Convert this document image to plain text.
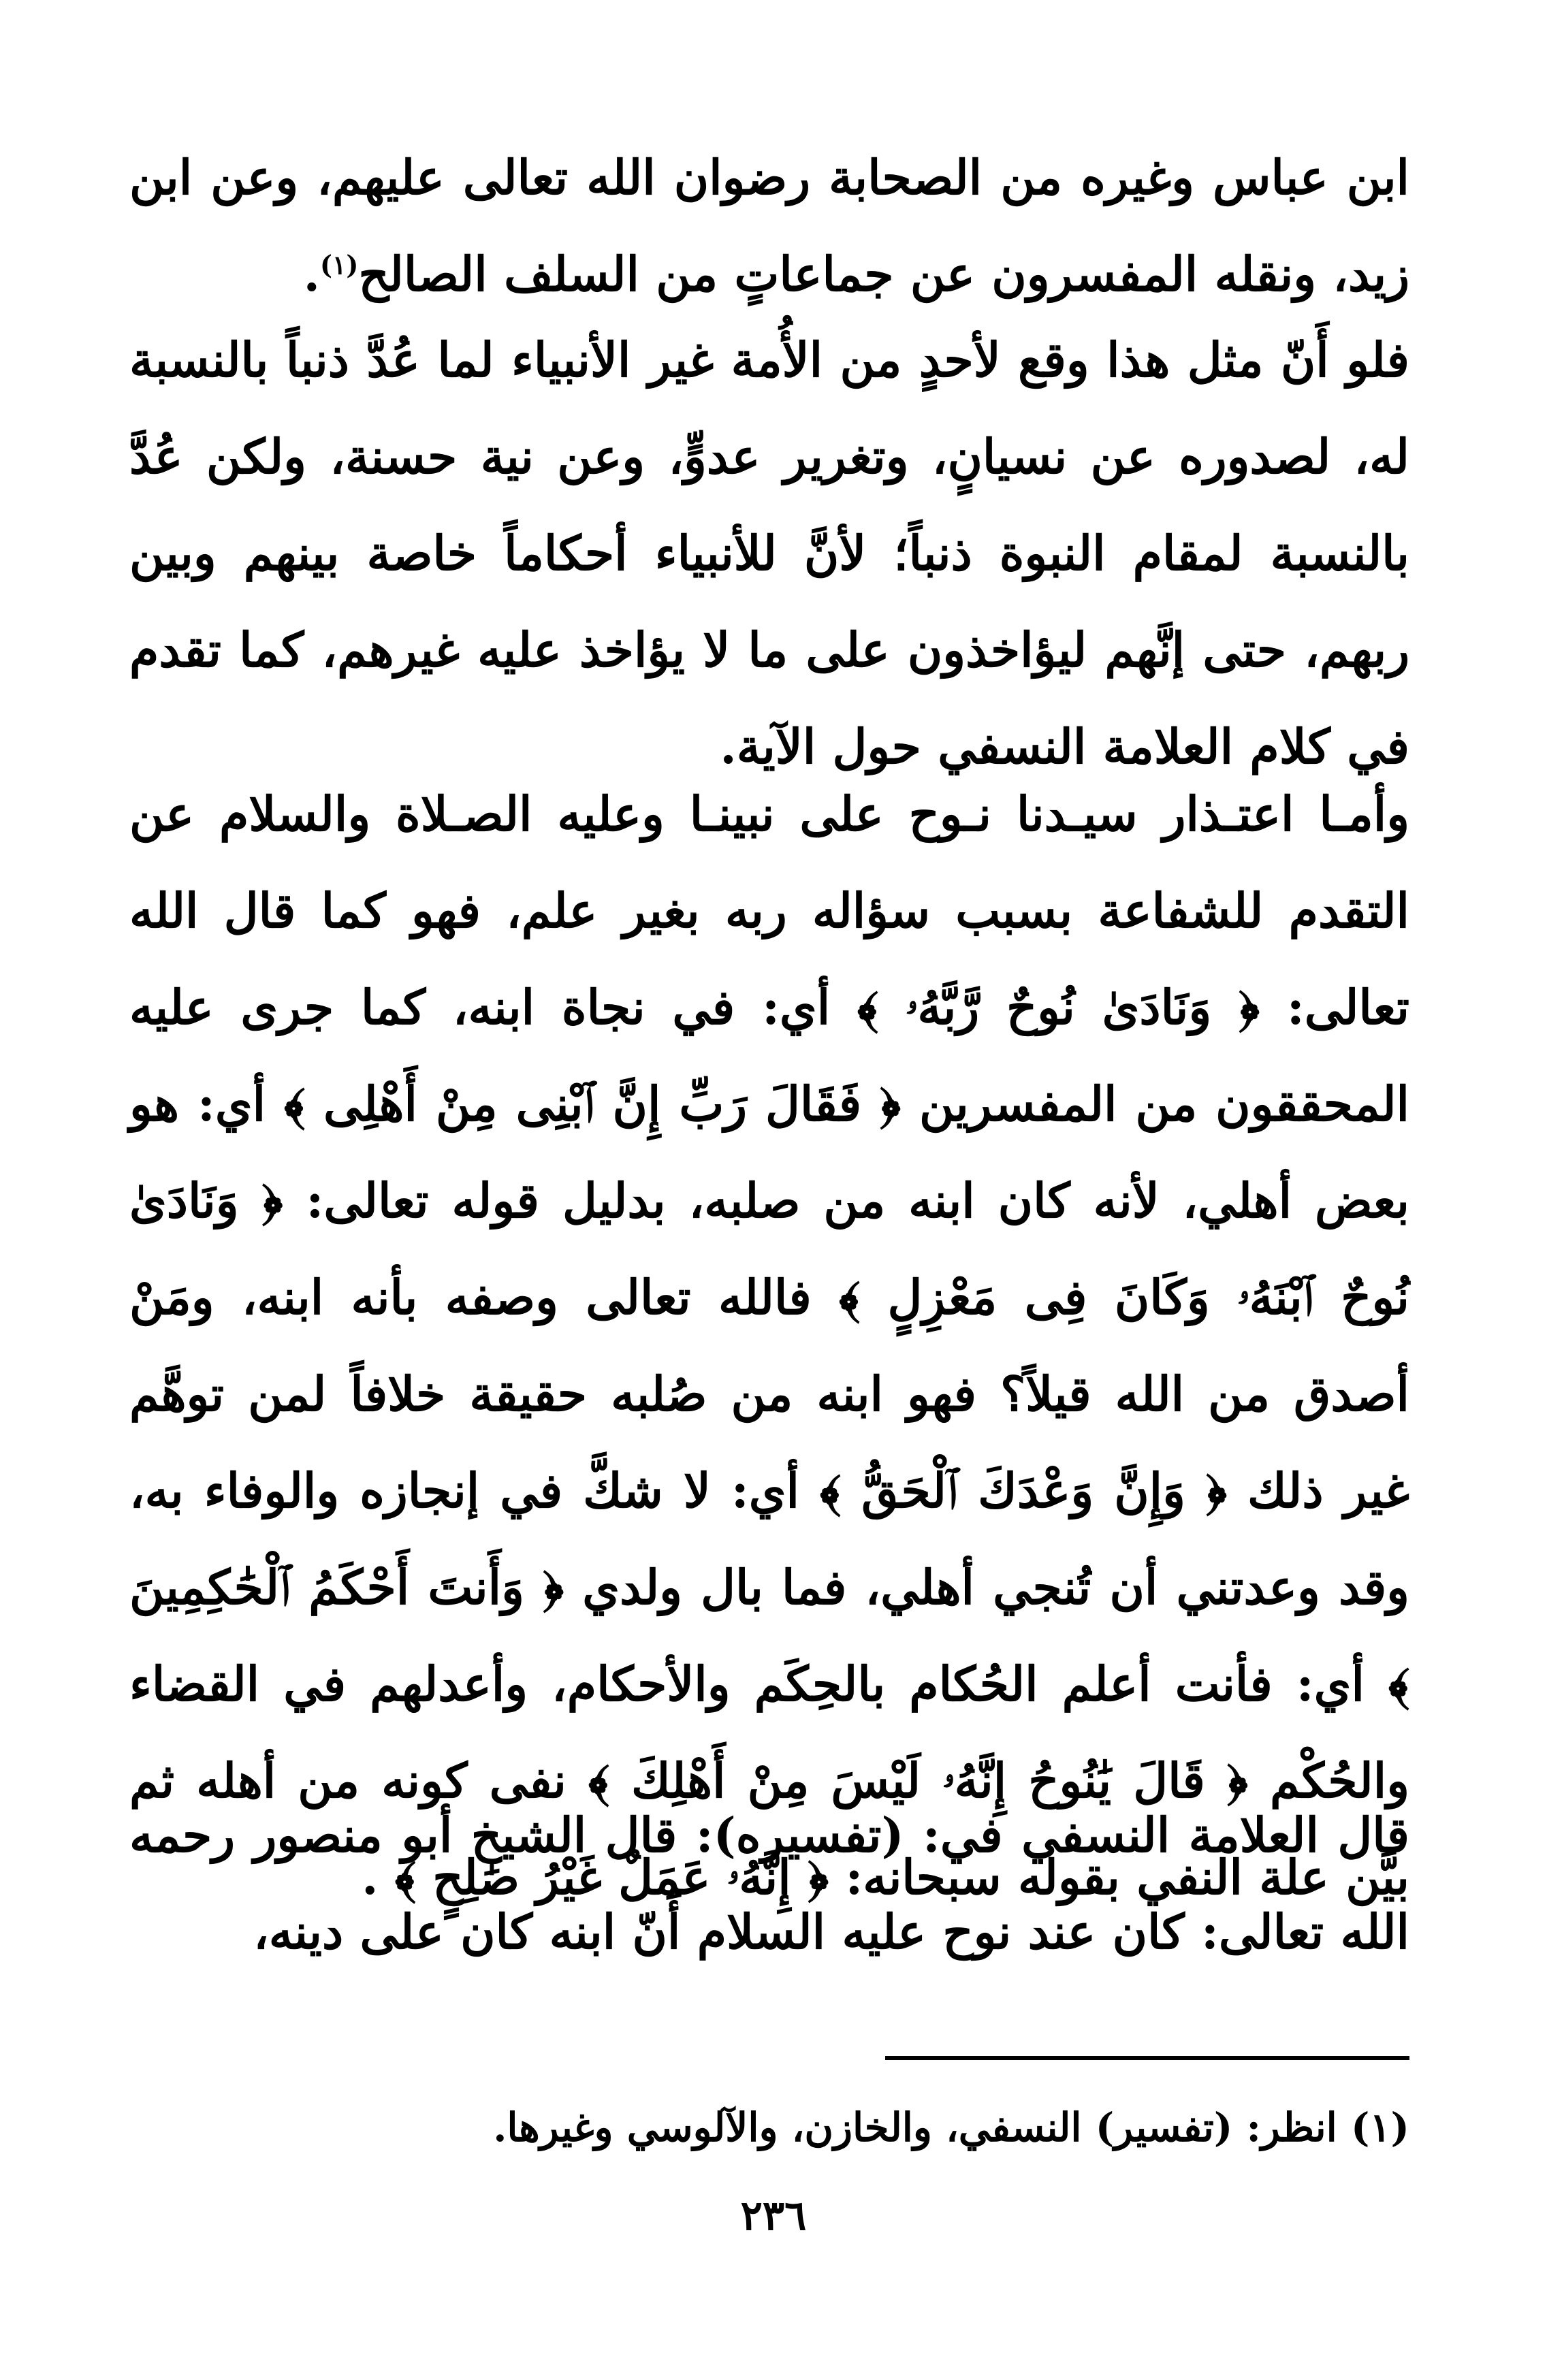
ابن عباس وغيره من الصحابة رضوان الله تعالى عليهم، وعن ابن زيد، ونقله المفسرون عن جماعاتٍ من السلف الصالح$^{(١)}$.

فلو أَنّ مثل هذا وقع لأحدٍ من الأُمة غير الأنبياء لما عُدَّ ذنباً بالنسبة له، لصدوره عن نسيانٍ، وتغرير عدوٍّ، وعن نية حسنة، ولكن عُدَّ بالنسبة لمقام النبوة ذنباً؛ لأنَّ للأنبياء أحكاماً خاصة بينهم وبين ربهم، حتى إنَّهم ليؤاخذون على ما لا يؤاخذ عليه غيرهم، كما تقدم في كلام العلامة النسفي حول الآية.

وأمـا اعتـذار سيـدنا نـوح على نبينـا وعليه الصـلاة والسلام عن التقدم للشفاعة بسبب سؤاله ربه بغير علم، فهو كما قال الله تعالى: ﴿ وَنَادَىٰ نُوحٌ رَّبَّهُۥ ﴾ أي: في نجاة ابنه، كما جرى عليه المحققون من المفسرين ﴿ فَقَالَ رَبِّ إِنَّ ٱبْنِى مِنْ أَهْلِى ﴾ أي: هو بعض أهلي، لأنه كان ابنه من صلبه، بدليل قوله تعالى: ﴿ وَنَادَىٰ نُوحٌ ٱبْنَهُۥ وَكَانَ فِى مَعْزِلٍ ﴾ فالله تعالى وصفه بأنه ابنه، ومَنْ أصدق من الله قيلاً؟ فهو ابنه من صُلبه حقيقة خلافاً لمن توهَّم غير ذلك ﴿ وَإِنَّ وَعْدَكَ ٱلْحَقُّ ﴾ أي: لا شكَّ في إنجازه والوفاء به، وقد وعدتني أن تُنجي أهلي، فما بال ولدي ﴿ وَأَنتَ أَحْكَمُ ٱلْحَٰكِمِينَ ﴾ أي: فأنت أعلم الحُكام بالحِكَم والأحكام، وأعدلهم في القضاء والحُكْم ﴿ قَالَ يَٰنُوحُ إِنَّهُۥ لَيْسَ مِنْ أَهْلِكَ ﴾ نفى كونه من أهله ثم بيَّن علة النفي بقوله سبحانه: ﴿ إِنَّهُۥ عَمَلٌ غَيْرُ صَٰلِحٍ ﴾ .

قال العلامة النسفي في: (تفسيره): قال الشيخ أبو منصور رحمه الله تعالى: كان عند نوح عليه السلام أَنّ ابنه كان على دينه،

(١) انظر: (تفسير) النسفي، والخازن، والآلوسي وغيرها.
٢٣٦
